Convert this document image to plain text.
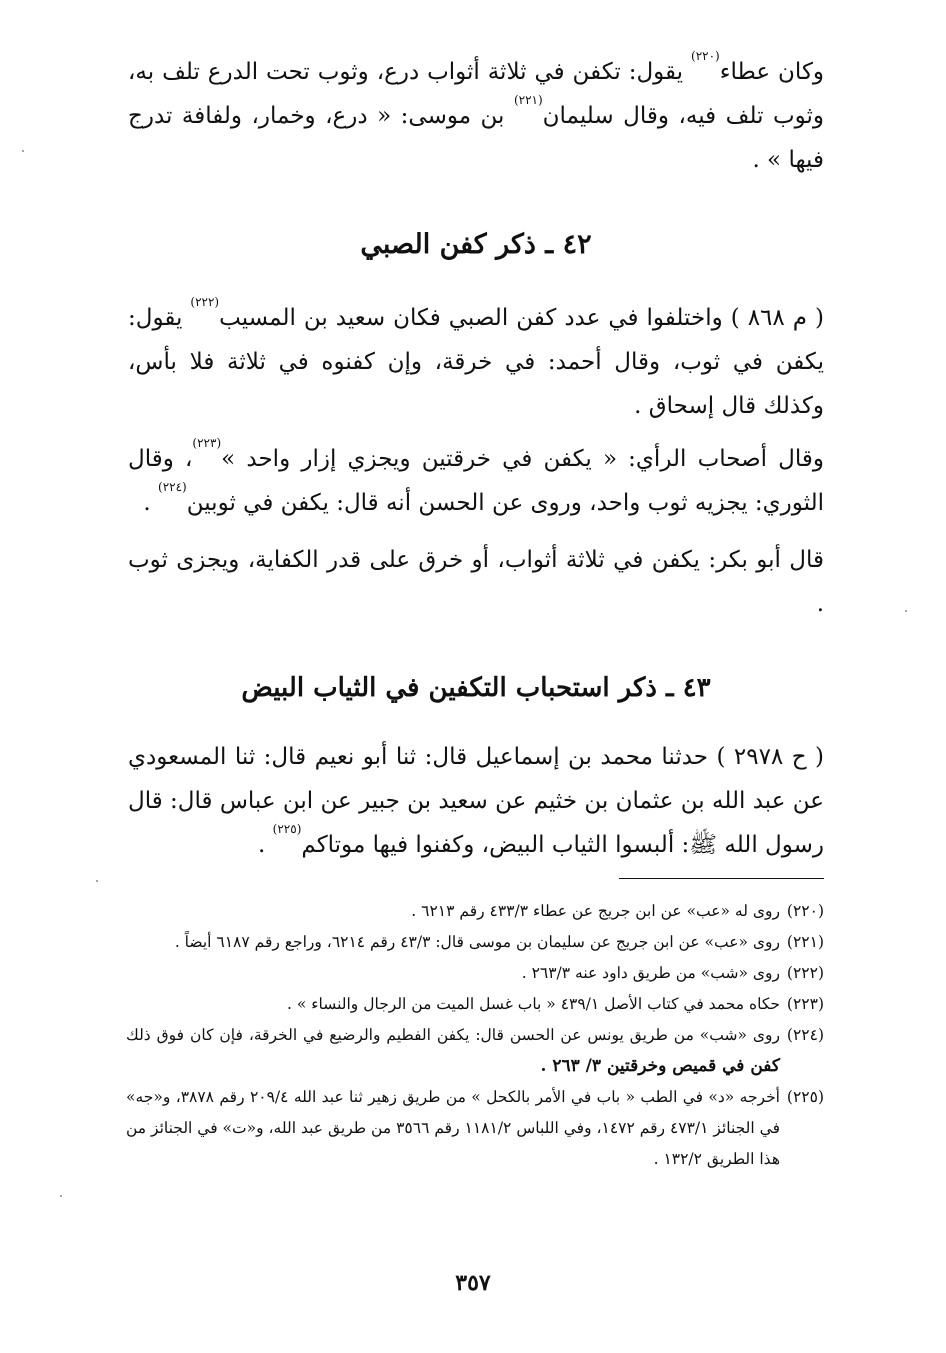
وكان عطاء$^{(٢٢٠)}$ يقول: تكفن في ثلاثة أثواب درع، وثوب تحت الدرع تلف به، وثوب تلف فيه، وقال سليمان$^{(٢٢١)}$ بن موسى: « درع، وخمار، ولفافة تدرج فيها » .

٤٢ ـ ذكر كفن الصبي

( م ٨٦٨ ) واختلفوا في عدد كفن الصبي فكان سعيد بن المسيب$^{(٢٢٢)}$ يقول: يكفن في ثوب، وقال أحمد: في خرقة، وإن كفنوه في ثلاثة فلا بأس، وكذلك قال إسحاق .

وقال أصحاب الرأي: « يكفن في خرقتين ويجزي إزار واحد »$^{(٢٢٣)}$، وقال الثوري: يجزيه ثوب واحد، وروى عن الحسن أنه قال: يكفن في ثوبين$^{(٢٢٤)}$ .

قال أبو بكر: يكفن في ثلاثة أثواب، أو خرق على قدر الكفاية، ويجزى ثوب .

٤٣ ـ ذكر استحباب التكفين في الثياب البيض

( ح ٢٩٧٨ ) حدثنا محمد بن إسماعيل قال: ثنا أبو نعيم قال: ثنا المسعودي عن عبد الله بن عثمان بن خثيم عن سعيد بن جبير عن ابن عباس قال: قال رسول الله ﷺ: ألبسوا الثياب البيض، وكفنوا فيها موتاكم$^{(٢٢٥)}$ .

(٢٢٠)
روى له «عب» عن ابن جريج عن عطاء ٤٣٣/٣ رقم ٦٢١٣ .
(٢٢١)
روى «عب» عن ابن جريج عن سليمان بن موسى قال: ٤٣/٣ رقم ٦٢١٤، وراجع رقم ٦١٨٧ أيضاً .
(٢٢٢)
روى «شب» من طريق داود عنه ٢٦٣/٣ .
(٢٢٣)
حكاه محمد في كتاب الأصل ٤٣٩/١ « باب غسل الميت من الرجال والنساء » .
(٢٢٤)
روى «شب» من طريق يونس عن الحسن قال: يكفن الفطيم والرضيع في الخرقة، فإن كان فوق ذلك كفن في قميص وخرقتين ٣/ ٢٦٣ .
(٢٢٥)
أخرجه «د» في الطب « باب في الأمر بالكحل » من طريق زهير ثنا عبد الله ٢٠٩/٤ رقم ٣٨٧٨، و«جه» في الجنائز ٤٧٣/١ رقم ١٤٧٢، وفي اللباس ١١٨١/٢ رقم ٣٥٦٦ من طريق عبد الله، و«ت» في الجنائز من هذا الطريق ١٣٢/٢ .
٣٥٧
